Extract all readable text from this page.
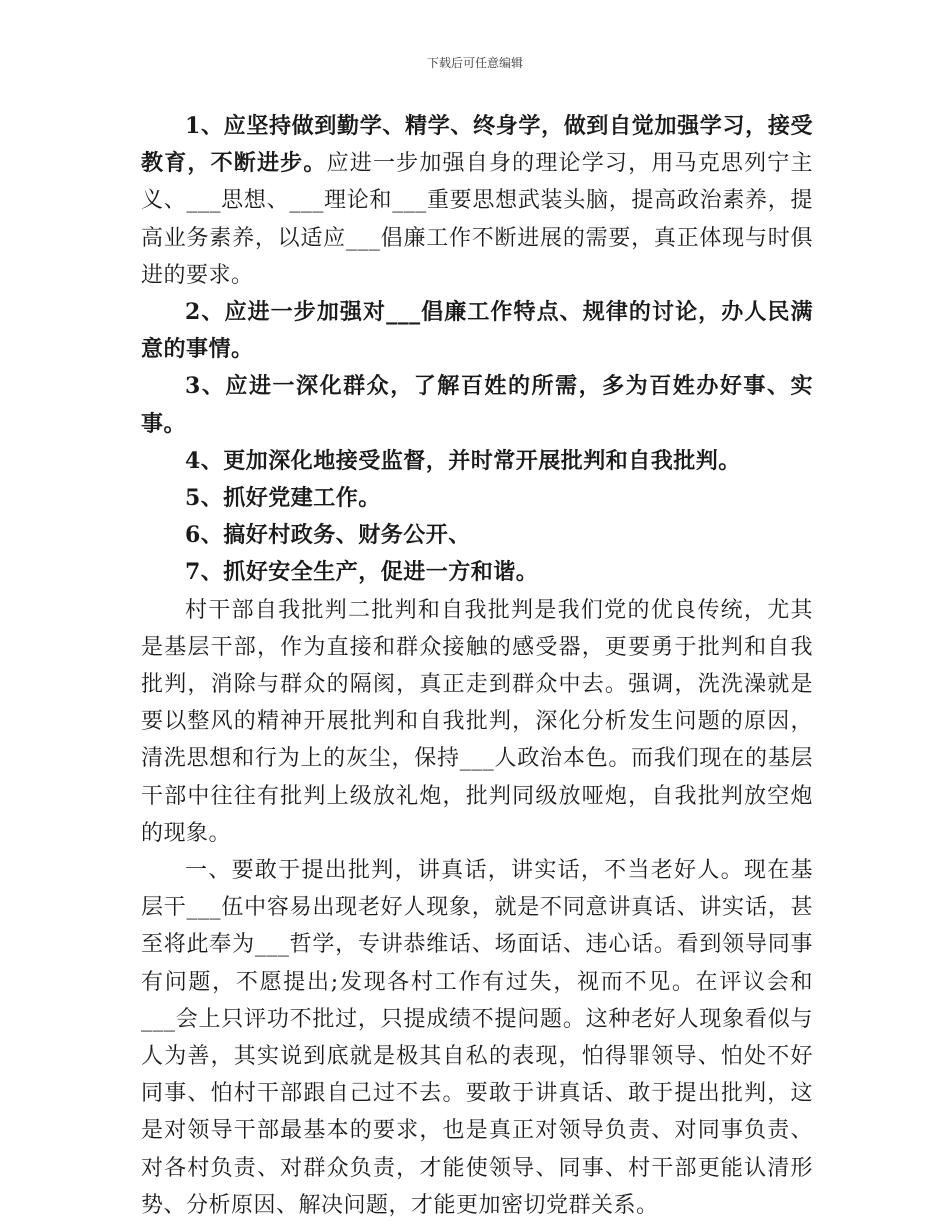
下载后可任意编辑

1、应坚持做到勤学、精学、终身学，做到自觉加强学习，接受教育，不断进步。应进一步加强自身的理论学习，用马克思列宁主义、___思想、___理论和___重要思想武装头脑，提高政治素养，提高业务素养，以适应___倡廉工作不断进展的需要，真正体现与时俱进的要求。

2、应进一步加强对___倡廉工作特点、规律的讨论，办人民满意的事情。

3、应进一深化群众，了解百姓的所需，多为百姓办好事、实事。

4、更加深化地接受监督，并时常开展批判和自我批判。

5、抓好党建工作。

6、搞好村政务、财务公开、

7、抓好安全生产，促进一方和谐。

村干部自我批判二批判和自我批判是我们党的优良传统，尤其是基层干部，作为直接和群众接触的感受器，更要勇于批判和自我批判，消除与群众的隔阂，真正走到群众中去。强调，洗洗澡就是要以整风的精神开展批判和自我批判，深化分析发生问题的原因，清洗思想和行为上的灰尘，保持___人政治本色。而我们现在的基层干部中往往有批判上级放礼炮，批判同级放哑炮，自我批判放空炮的现象。

一、要敢于提出批判，讲真话，讲实话，不当老好人。现在基层干___伍中容易出现老好人现象，就是不同意讲真话、讲实话，甚至将此奉为___哲学，专讲恭维话、场面话、违心话。看到领导同事有问题，不愿提出;发现各村工作有过失，视而不见。在评议会和___会上只评功不批过，只提成绩不提问题。这种老好人现象看似与人为善，其实说到底就是极其自私的表现，怕得罪领导、怕处不好同事、怕村干部跟自己过不去。要敢于讲真话、敢于提出批判，这是对领导干部最基本的要求，也是真正对领导负责、对同事负责、对各村负责、对群众负责，才能使领导、同事、村干部更能认清形势、分析原因、解决问题，才能更加密切党群关系。
